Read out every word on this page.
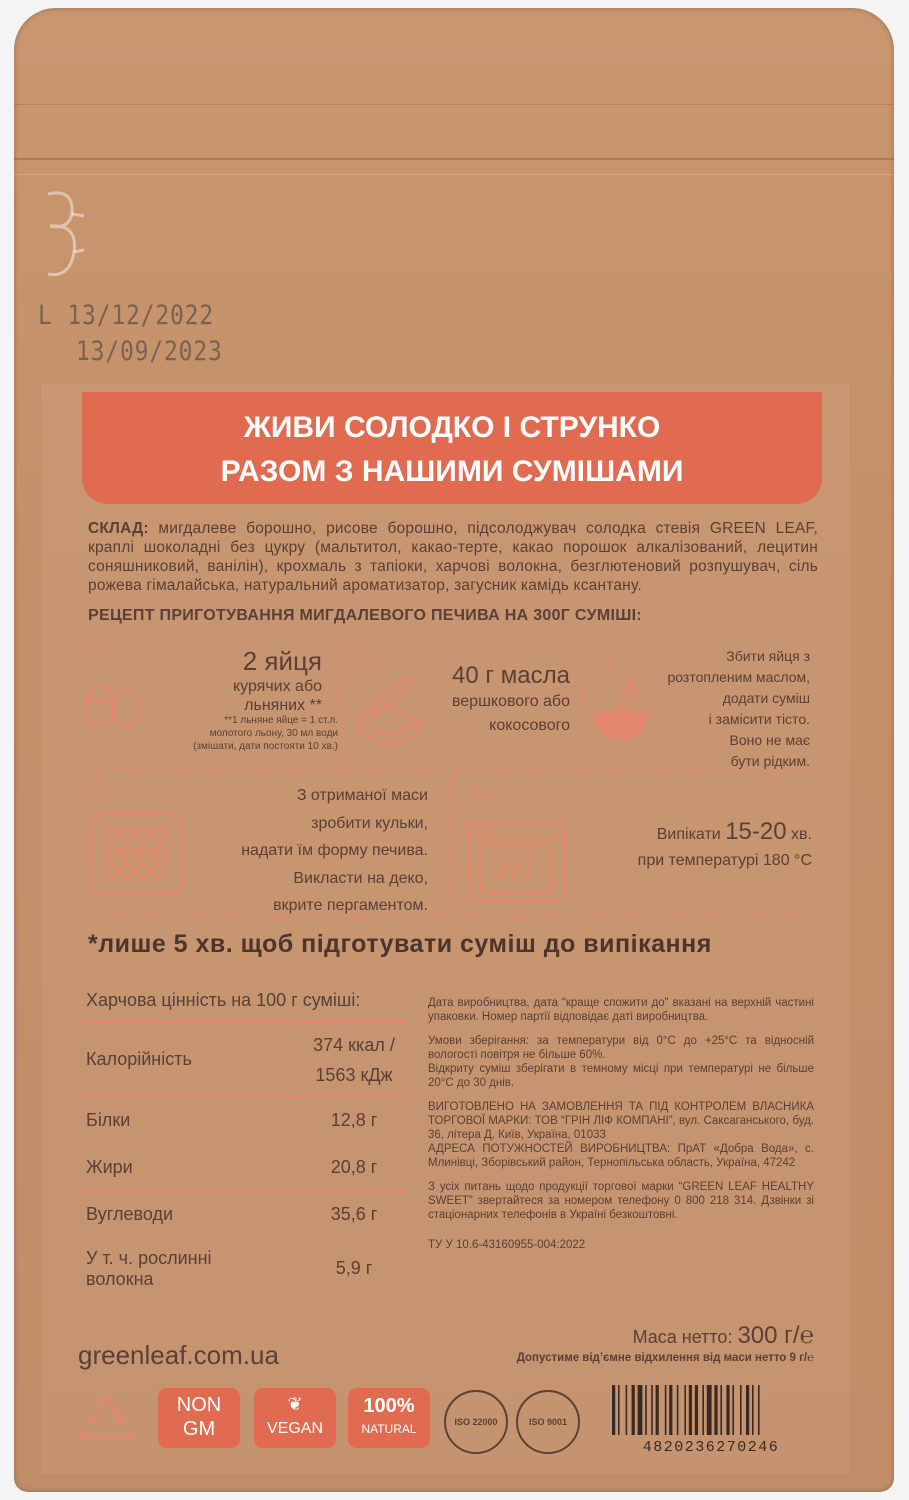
L 13/12/2022
13/09/2023
ЖИВИ СОЛОДКО І СТРУНКО
РАЗОМ З НАШИМИ СУМІШАМИ
СКЛАД: мигдалеве борошно, рисове борошно, підсолоджувач солодка стевія GREEN LEAF, краплі шоколадні без цукру (мальтитол, какао-терте, какао порошок алкалізований, лецитин соняшниковий, ванілін), крохмаль з тапіоки, харчові волокна, безглютеновий розпушувач, сіль рожева гімалайська, натуральний ароматизатор, загусник камідь ксантану.
РЕЦЕПТ ПРИГОТУВАННЯ МИГДАЛЕВОГО ПЕЧИВА НА 300Г СУМІШІ:
1	2 яйця
курячих або
льняних **
**1 льняне яйце = 1 ст.л.
молотого льону, 30 мл води
(змішати, дати постояти 10 хв.)
2
40 г масла
вершкового або
кокосового
3	Збити яйця з
розтопленим маслом,
додати суміш
і замісити тісто.
Воно не має
бути рідким.
4	З отриманої маси
зробити кульки,
надати їм форму печива.
Викласти на деко,
вкрите пергаментом.
5
Випікати 15-20 хв.
при температурі 180 °С
*лише 5 хв. щоб підготувати суміш до випікання
Харчова цінність на 100 г суміші:
Калорійність	374 ккал /
1563 кДж

Білки	12,8 г
Жири	20,8 г
Вуглеводи	35,6 г

У т. ч. рослинні
волокна	5,9 г
Дата виробництва, дата “краще спожити до” вказані на верхній частині упаковки. Номер партії відповідає даті виробництва.
Умови зберігання: за температури від 0°С до +25°С та відносній вологості повітря не більше 60%.
Відкриту суміш зберігати в темному місці при температурі не більше 20°С до 30 днів.
ВИГОТОВЛЕНО НА ЗАМОВЛЕННЯ ТА ПІД КОНТРОЛЕМ ВЛАСНИКА ТОРГОВОЇ МАРКИ: ТОВ “ГРІН ЛІФ КОМПАНІ”, вул. Саксаганського, буд. 36, літера Д, Київ, Україна, 01033
АДРЕСА ПОТУЖНОСТЕЙ ВИРОБНИЦТВА: ПрАТ «Добра Вода», с. Млинівці, Зборівський район, Тернопільська область, Україна, 47242
З усіх питань щодо продукції торгової марки “GREEN LEAF HEALTHY SWEET” звертайтеся за номером телефону 0 800 218 314. Дзвінки зі стаціонарних телефонів в Україні безкоштовні.
ТУ У 10.6-43160955-004:2022
Маса нетто: 300 г/℮
Допустиме від’ємне відхилення від маси нетто 9 г/℮
greenleaf.com.ua
81	NON
GM
❦
VEGAN
100%
NATURAL	ISO 22000	ISO 9001
4820236270246
